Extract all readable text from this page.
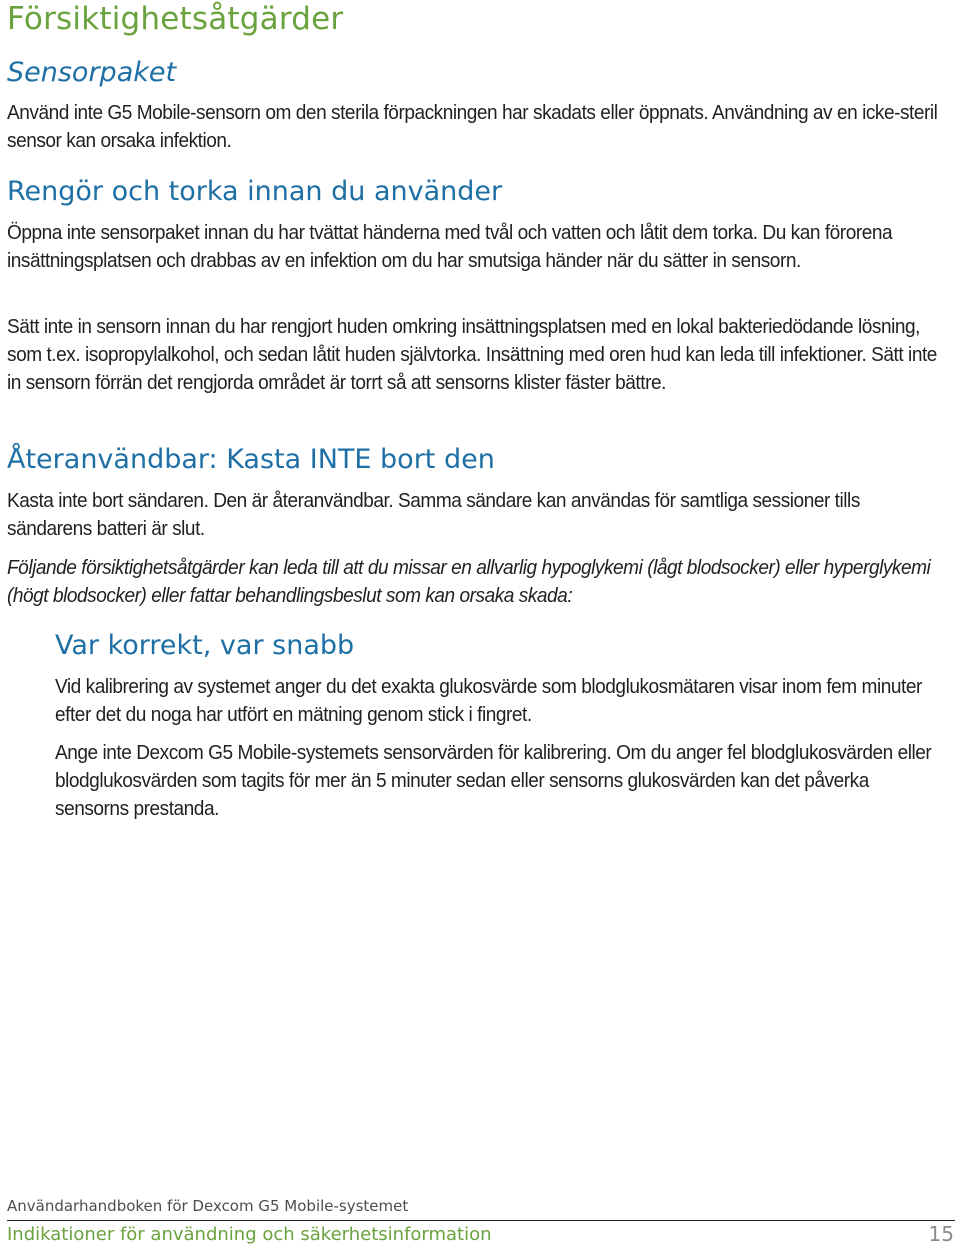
Försiktighetsåtgärder
Sensorpaket

Använd inte G5 Mobile-sensorn om den sterila förpackningen har skadats eller öppnats. Användning av en icke-steril sensor kan orsaka infektion.

Rengör och torka innan du använder

Öppna inte sensorpaket innan du har tvättat händerna med tvål och vatten och låtit dem torka. Du kan förorena insättningsplatsen och drabbas av en infektion om du har smutsiga händer när du sätter in sensorn.

Sätt inte in sensorn innan du har rengjort huden omkring insättningsplatsen med en lokal bakteriedödande lösning, som t.ex. isopropylalkohol, och sedan låtit huden självtorka. Insättning med oren hud kan leda till infektioner. Sätt inte in sensorn förrän det rengjorda området är torrt så att sensorns klister fäster bättre.

Återanvändbar: Kasta INTE bort den

Kasta inte bort sändaren. Den är återanvändbar. Samma sändare kan användas för samtliga sessioner tills sändarens batteri är slut.

Följande försiktighetsåtgärder kan leda till att du missar en allvarlig hypoglykemi (lågt blodsocker) eller hyperglykemi (högt blodsocker) eller fattar behandlingsbeslut som kan orsaka skada:

Var korrekt, var snabb

Vid kalibrering av systemet anger du det exakta glukosvärde som blodglukosmätaren visar inom fem minuter efter det du noga har utfört en mätning genom stick i fingret.

Ange inte Dexcom G5 Mobile-systemets sensorvärden för kalibrering. Om du anger fel blodglukosvärden eller blodglukosvärden som tagits för mer än 5 minuter sedan eller sensorns glukosvärden kan det påverka sensorns prestanda.

Användarhandboken för Dexcom G5 Mobile-systemet

Indikationer för användning och säkerhetsinformation	15
